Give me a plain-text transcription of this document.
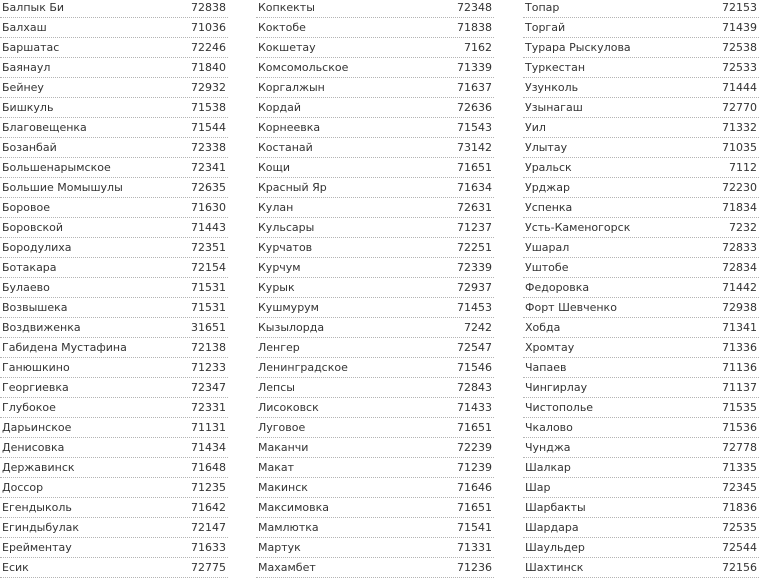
Балпык Би	72838
Балхаш	71036
Баршатас	72246
Баянаул	71840
Бейнеу	72932
Бишкуль	71538
Благовещенка	71544
Бозанбай	72338
Большенарымское	72341
Большие Момышулы	72635
Боровое	71630
Боровской	71443
Бородулиха	72351
Ботакара	72154
Булаево	71531
Возвышека	71531
Воздвиженка	31651
Габидена Мустафина	72138
Ганюшкино	71233
Георгиевка	72347
Глубокое	72331
Дарьинское	71131
Денисовка	71434
Державинск	71648
Доссор	71235
Егендыколь	71642
Егиндыбулак	72147
Ерейментау	71633
Есик	72775
Копкекты	72348
Коктобе	71838
Кокшетау	7162
Комсомольское	71339
Коргалжын	71637
Кордай	72636
Корнеевка	71543
Костанай	73142
Кощи	71651
Красный Яр	71634
Кулан	72631
Кульсары	71237
Курчатов	72251
Курчум	72339
Курык	72937
Кушмурум	71453
Кызылорда	7242
Ленгер	72547
Ленинградское	71546
Лепсы	72843
Лисоковск	71433
Луговое	71651
Маканчи	72239
Макат	71239
Макинск	71646
Максимовка	71651
Мамлютка	71541
Мартук	71331
Махамбет	71236
Топар	72153
Торгай	71439
Турара Рыскулова	72538
Туркестан	72533
Узунколь	71444
Узынагаш	72770
Уил	71332
Улытау	71035
Уральск	7112
Урджар	72230
Успенка	71834
Усть-Каменогорск	7232
Ушарал	72833
Уштобе	72834
Федоровка	71442
Форт Шевченко	72938
Хобда	71341
Хромтау	71336
Чапаев	71136
Чингирлау	71137
Чистополье	71535
Чкалово	71536
Чунджа	72778
Шалкар	71335
Шар	72345
Шарбакты	71836
Шардара	72535
Шаульдер	72544
Шахтинск	72156
